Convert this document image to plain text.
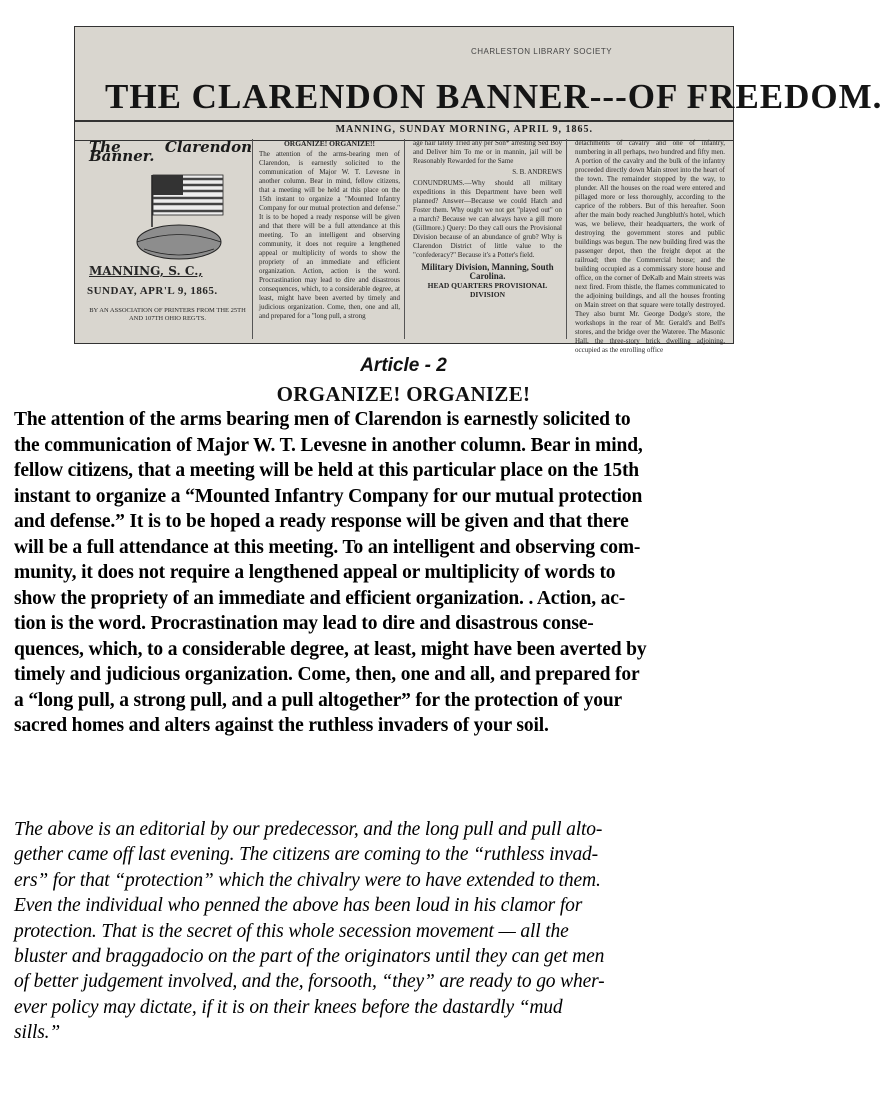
CHARLESTON LIBRARY SOCIETY
THE CLARENDON BANNER---OF FREEDOM.
MANNING, SUNDAY MORNING, APRIL 9, 1865.
The Clarendon Banner.
MANNING, S. C.,
SUNDAY, APR'L 9, 1865.
BY AN ASSOCIATION OF PRINTERS FROM THE 25TH AND 107TH OHIO REG'TS.

ORGANIZE! ORGANIZE!!

The attention of the arms-bearing men of Clarendon, is earnestly solicited to the communication of Major W. T. Levesne in another column. Bear in mind, fellow citizens, that a meeting will be held at this place on the 15th instant to organize a "Mounted Infantry Company for our mutual protection and defense." It is to be hoped a ready response will be given and that there will be a full attendance at this meeting. To an intelligent and observing community, it does not require a lengthened appeal or multiplicity of words to show the propriety of an immediate and efficient organization. Action, action is the word. Procrastination may lead to dire and disastrous consequences, which, to a considerable degree, at least, might have been averted by timely and judicious organization. Come, then, one and all, and prepared for a "long pull, a strong

age hair lately Tried any per Son* arresting Sed Boy and Deliver him To me or in mannin, jail will be Reasonably Rewarded for the Same

S. B. ANDREWS

CONUNDRUMS.—Why should all military expeditions in this Department have been well planned? Answer—Because we could Hatch and Foster them. Why ought we not get "played out" on a march? Because we can always have a gill more (Gillmore.) Query: Do they call ours the Provisional Division because of an abundance of grub? Why is Clarendon District of little value to the "confederacy?" Because it's a Potter's field.

Military Division, Manning, South Carolina.

HEAD QUARTERS PROVISIONAL DIVISION

detachments of cavalry and one of infantry, numbering in all perhaps, two hundred and fifty men. A portion of the cavalry and the bulk of the infantry proceeded directly down Main street into the heart of the town. The remainder stopped by the way, to plunder. All the houses on the road were entered and pillaged more or less thoroughly, according to the caprice of the robbers. But of this hereafter. Soon after the main body reached Jungbluth's hotel, which was, we believe, their headquarters, the work of destroying the government stores and public buildings was begun. The new building fired was the passenger depot, then the freight depot at the railroad; then the Commercial house; and the building occupied as a commissary store house and office, on the corner of DeKalb and Main streets was next fired. From thistle, the flames communicated to the adjoining buildings, and all the houses fronting on Main street on that square were totally destroyed. They also burnt Mr. George Dodge's store, the workshops in the rear of Mr. Gerald's and Bell's stores, and the bridge over the Wateree. The Masonic Hall, the three-story brick dwelling adjoining, occupied as the enrolling office

Article - 2
ORGANIZE! ORGANIZE!
The attention of the arms bearing men of Clarendon is earnestly solicited to
the communication of Major W. T. Levesne in another column. Bear in mind,
fellow citizens, that a meeting will be held at this particular place on the 15th
instant to organize a “Mounted Infantry Company for our mutual protection
and defense.” It is to be hoped a ready response will be given and that there
will be a full attendance at this meeting. To an intelligent and observing com-
munity, it does not require a lengthened appeal or multiplicity of words to
show the propriety of an immediate and efficient organization. . Action, ac-
tion is the word. Procrastination may lead to dire and disastrous conse-
quences, which, to a considerable degree, at least, might have been averted by
timely and judicious organization. Come, then, one and all, and prepared for
a “long pull, a strong pull, and a pull altogether” for the protection of your
sacred homes and alters against the ruthless invaders of your soil.
The above is an editorial by our predecessor, and the long pull and pull alto-
gether came off last evening. The citizens are coming to the “ruthless invad-
ers” for that “protection” which the chivalry were to have extended to them.
Even the individual who penned the above has been loud in his clamor for
protection. That is the secret of this whole secession movement — all the
bluster and braggadocio on the part of the originators until they can get men
of better judgement involved, and the, forsooth, “they” are ready to go wher-
ever policy may dictate, if it is on their knees before the dastardly “mud
sills.”
